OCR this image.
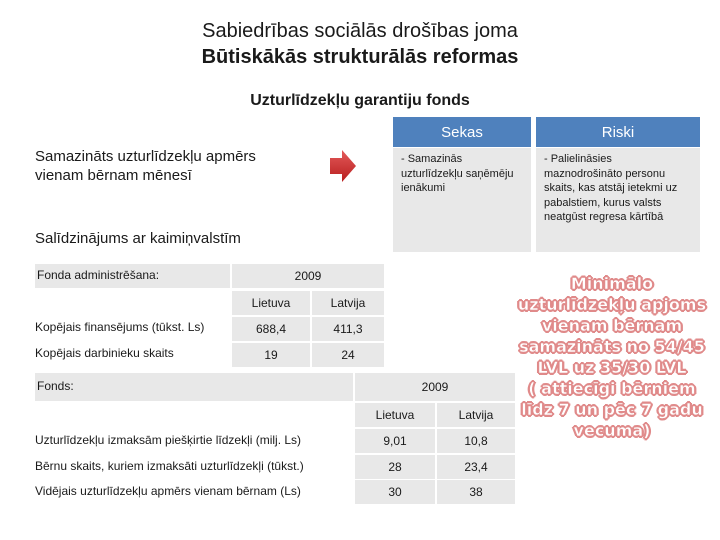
Sabiedrības sociālās drošības joma
Būtiskākās strukturālās reformas
Uzturlīdzekļu garantiju fonds
Samazināts uzturlīdzekļu apmērs vienam bērnam mēnesī
Salīdzinājums ar kaimiņvalstīm
Sekas	Riski
- Samazinās uzturlīdzekļu saņēmēju ienākumi
- Palielināsies maznodrošināto personu skaits, kas atstāj ietekmi uz pabalstiem, kurus valsts neatgūst regresa kārtībā
Fonda administrēšana:	2009
Lietuva	Latvija
Kopējais finansējums (tūkst. Ls)	688,4	411,3
Kopējais darbinieku skaits	19	24
Fonds:	2009
Lietuva	Latvija
Uzturlīdzekļu izmaksām piešķirtie līdzekļi (milj. Ls)	9,01	10,8
Bērnu skaits, kuriem izmaksāti uzturlīdzekļi (tūkst.)	28	23,4
Vidējais uzturlīdzekļu apmērs vienam bērnam (Ls)	30	38
Minimālo
uzturlīdzekļu apjoms
vienam bērnam
samazināts no 54/45
LVL uz 35/30 LVL
( attiecīgi bērniem
līdz 7 un pēc 7 gadu
vecuma)
